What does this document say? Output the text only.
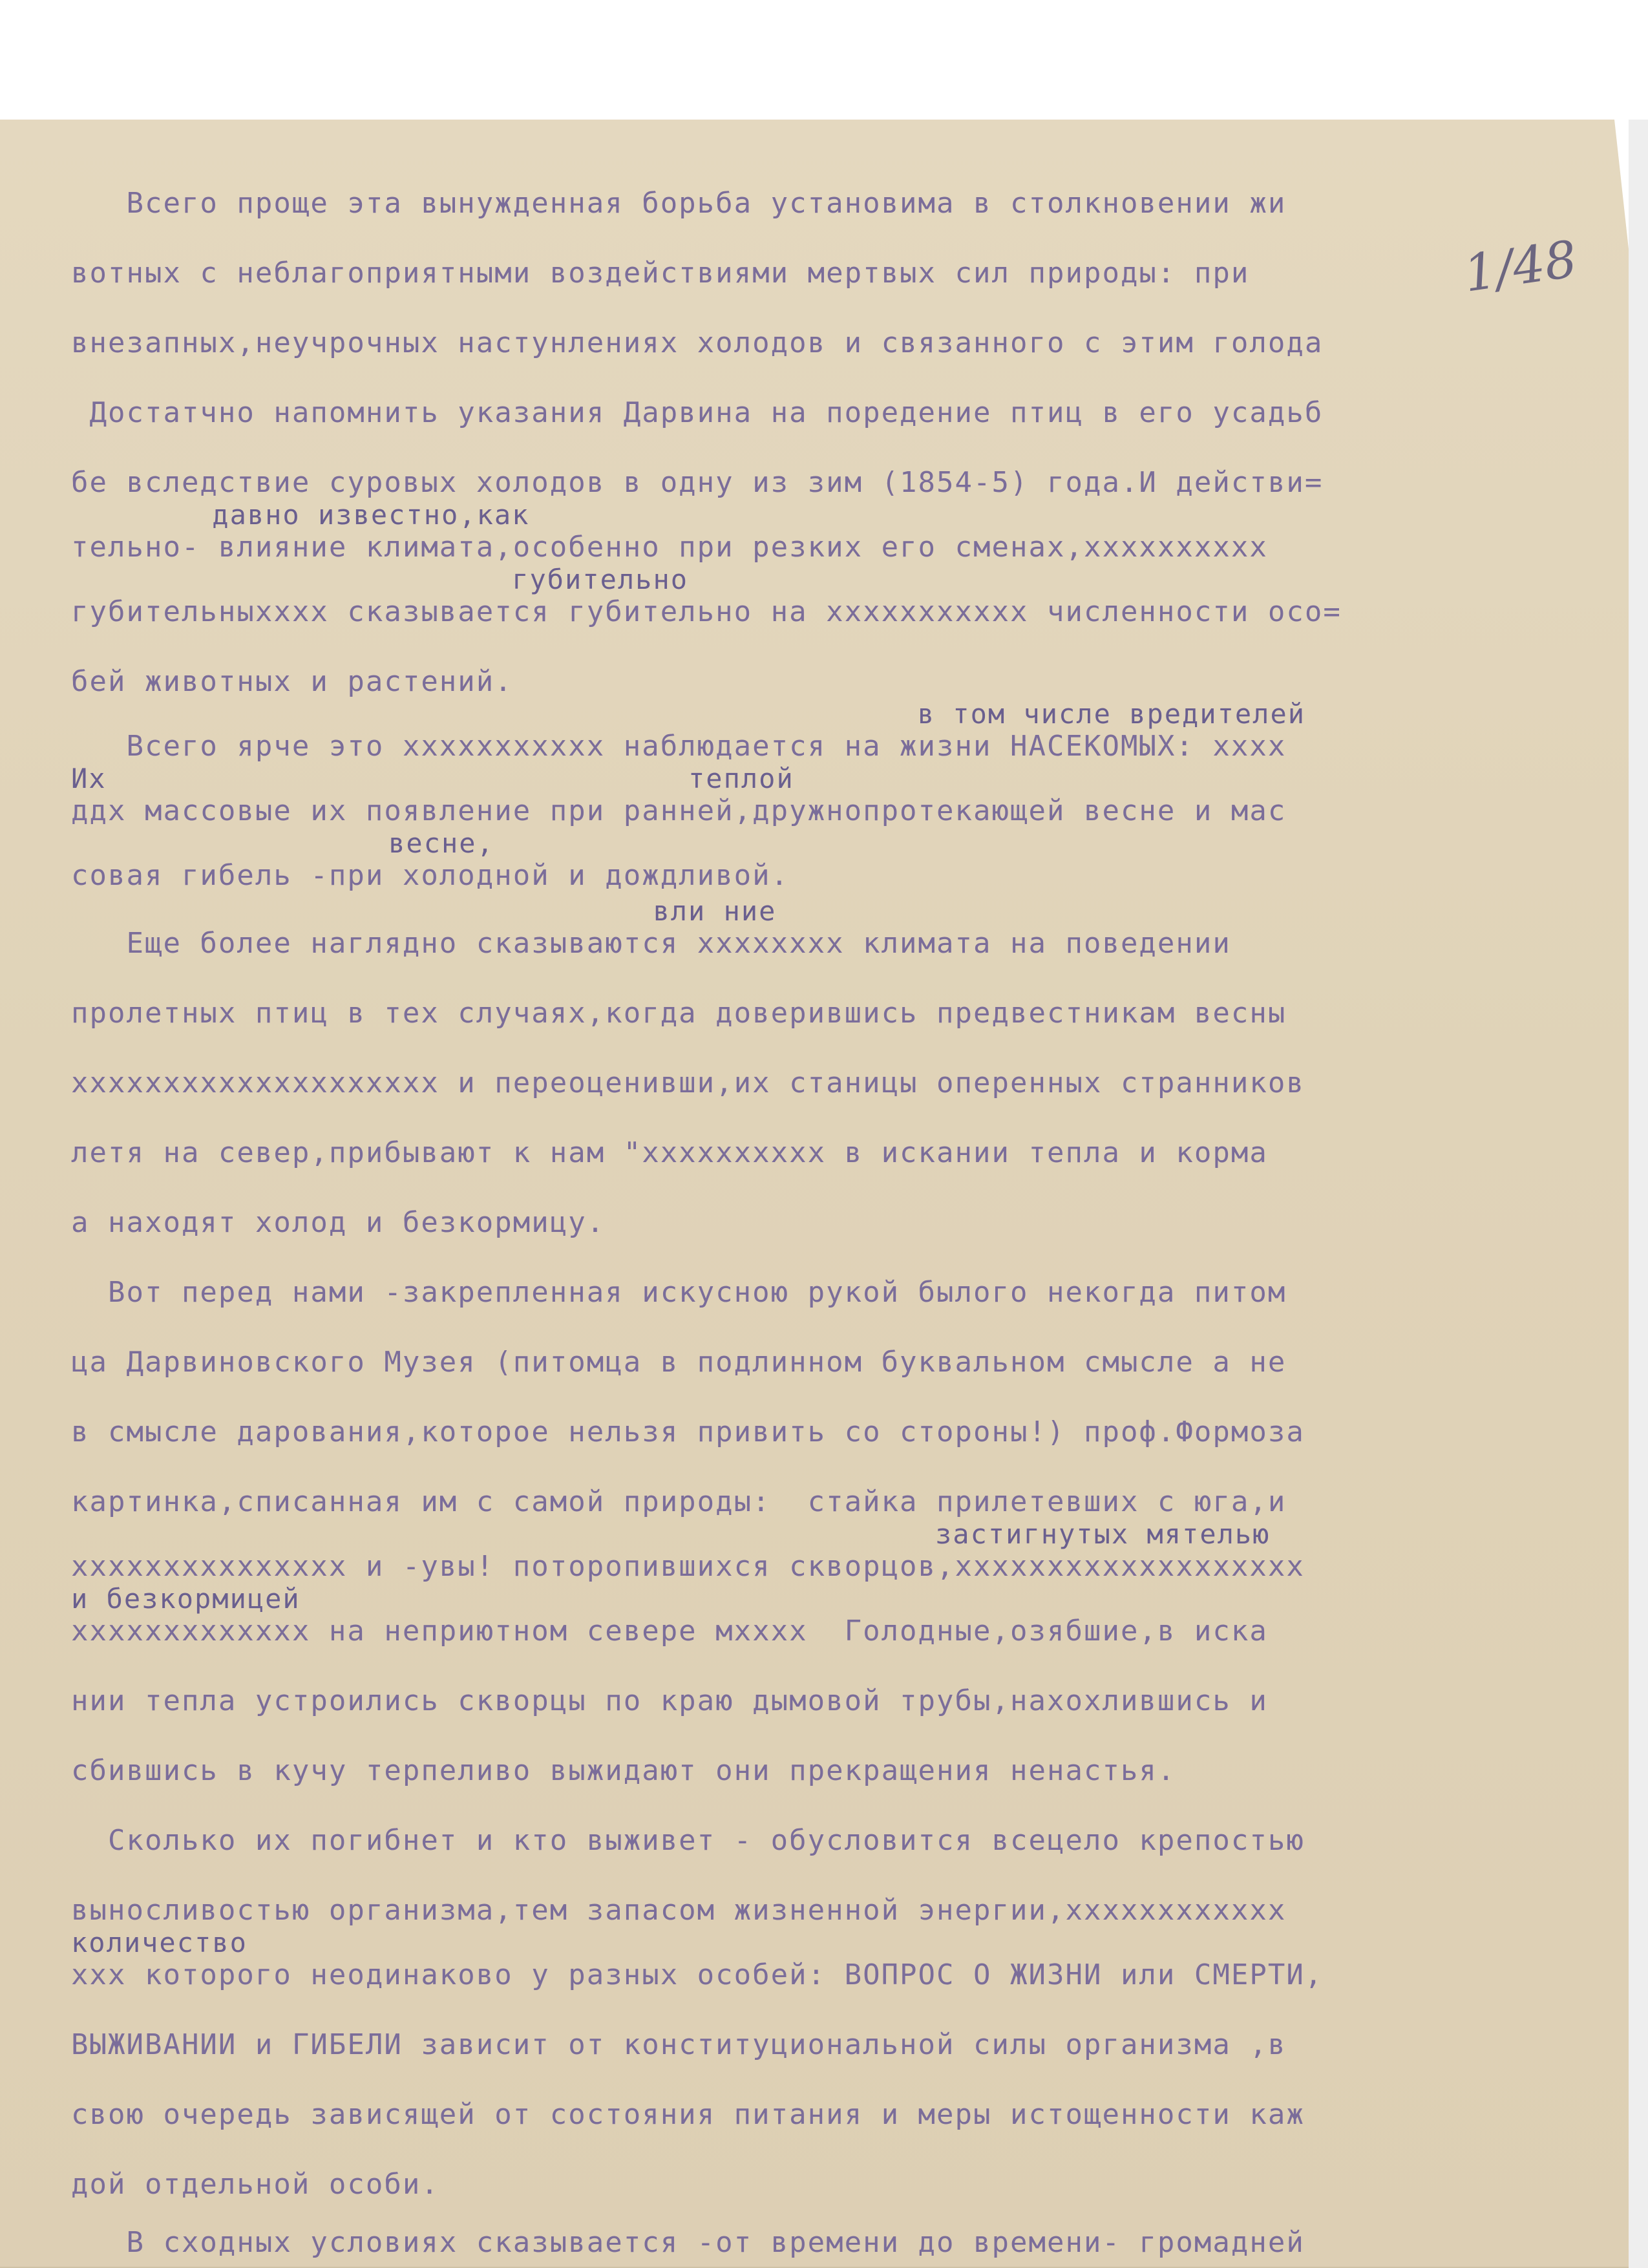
1/48
Всего проще эта вынужденная борьба установима в столкновении жи
вотных с неблагоприятными воздействиями мертвых сил природы: при
внезапных,неучрочных настунлениях холодов и связанного с этим голода
Достатчно напомнить указания Дарвина на поредение птиц в его усадьб
бе вследствие суровых холодов в одну из зим (1854-5) года.И действи=
давно известно,как
тельно- влияние климата,особенно при резких его сменах,xxxxxxxxxx
губительно
губительныхххх сказывается губительно на ххххххххххх численности осо=
бей животных и растений.
в том числе вредителей
Всего ярче это ххххххххххх наблюдается на жизни НАСЕКОМЫХ: хххх
Их                                 теплой
ддх массовые их появление при ранней,дружнопротекающей весне и мас
весне,
совая гибель -при холодной и дождливой.
вли ние
Еще более наглядно сказываются хххххххх климата на поведении
пролетных птиц в тех случаях,когда доверившись предвестникам весны
хххххххххххххххххххх и переоценивши,их станицы оперенных странников
летя на север,прибывают к нам "хххххххххх в искании тепла и корма
а находят холод и безкормицу.
Вот перед нами -закрепленная искусною рукой былого некогда питом
ца Дарвиновского Музея (питомца в подлинном буквальном смысле а не
в смысле дарования,которое нельзя привить со стороны!) проф.Формоза
картинка,списанная им с самой природы:  стайка прилетевших с юга,и
застигнутых мятелью
ххххххххххххххх и -увы! поторопившихся скворцов,ххххххххххххххххххх
и безкормицей
ххххххххххххх на неприютном севере мхххх  Голодные,озябшие,в иска
нии тепла устроились скворцы по краю дымовой трубы,нахохлившись и
сбившись в кучу терпеливо выжидают они прекращения ненастья.
Сколько их погибнет и кто выживет - обусловится всецело крепостью
выносливостью организма,тем запасом жизненной энергии,хххххххххххх
количество
ххх которого неодинаково у разных особей: ВОПРОС О ЖИЗНИ или СМЕРТИ,
ВЫЖИВАНИИ и ГИБЕЛИ зависит от конституциональной силы организма ,в
свою очередь зависящей от состояния питания и меры истощенности каж
дой отдельной особи.
В сходных условиях сказывается -от времени до времени- громадней
